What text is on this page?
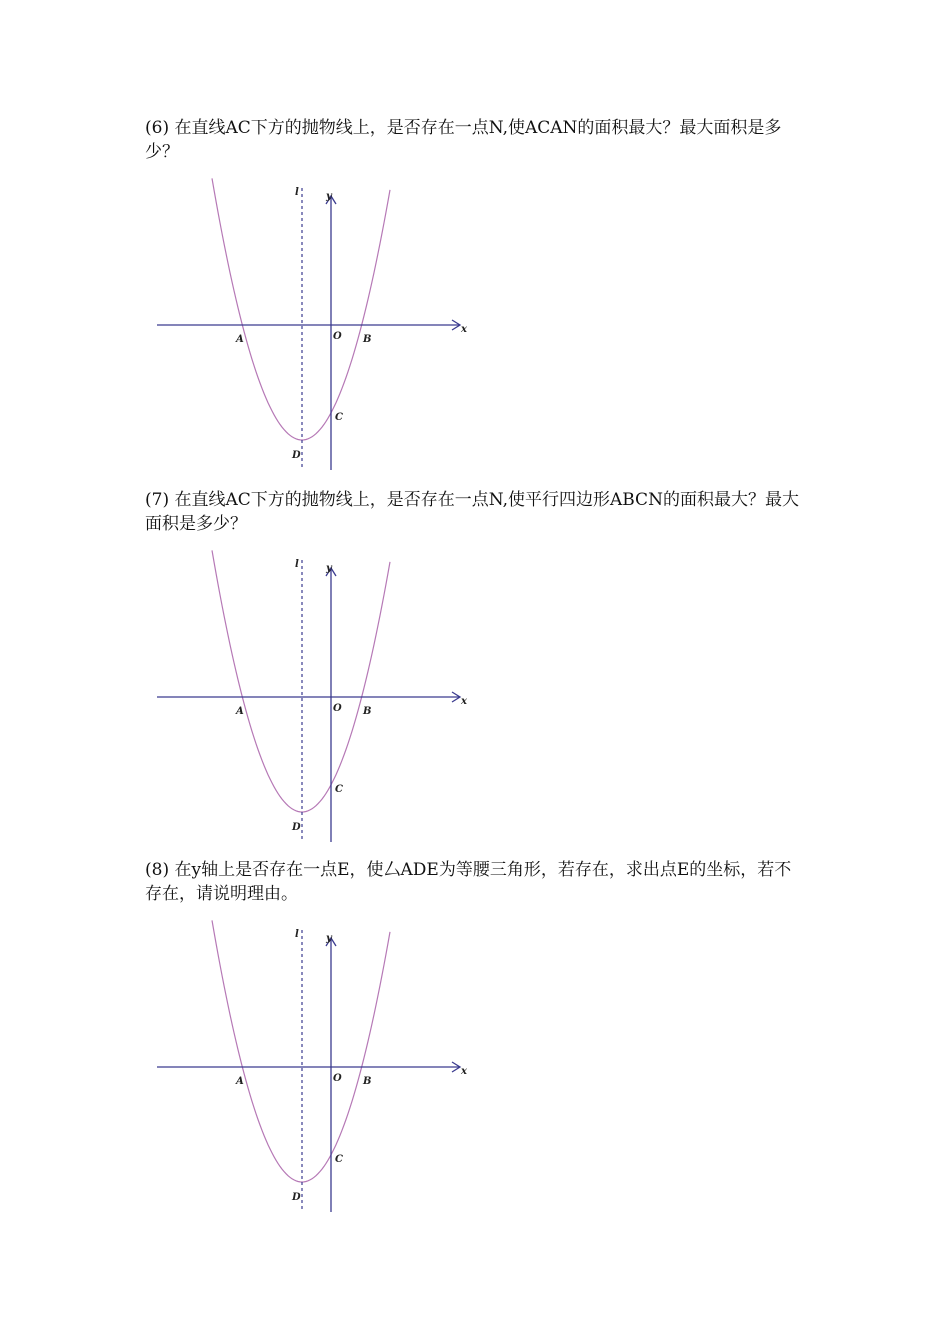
(6) 在直线AC下方的抛物线上，是否存在一点N,使ACAN的面积最大？最大面积是多少？
l	y
x
A	O B
C
D
(7) 在直线AC下方的抛物线上，是否存在一点N,使平行四边形ABCN的面积最大？最大面积是多少？
l	y
x
A	O B
C
D
(8) 在y轴上是否存在一点E，使厶ADE为等腰三角形，若存在，求出点E的坐标，若不存在，请说明理由。
l	y
x
A	O B
C
D
